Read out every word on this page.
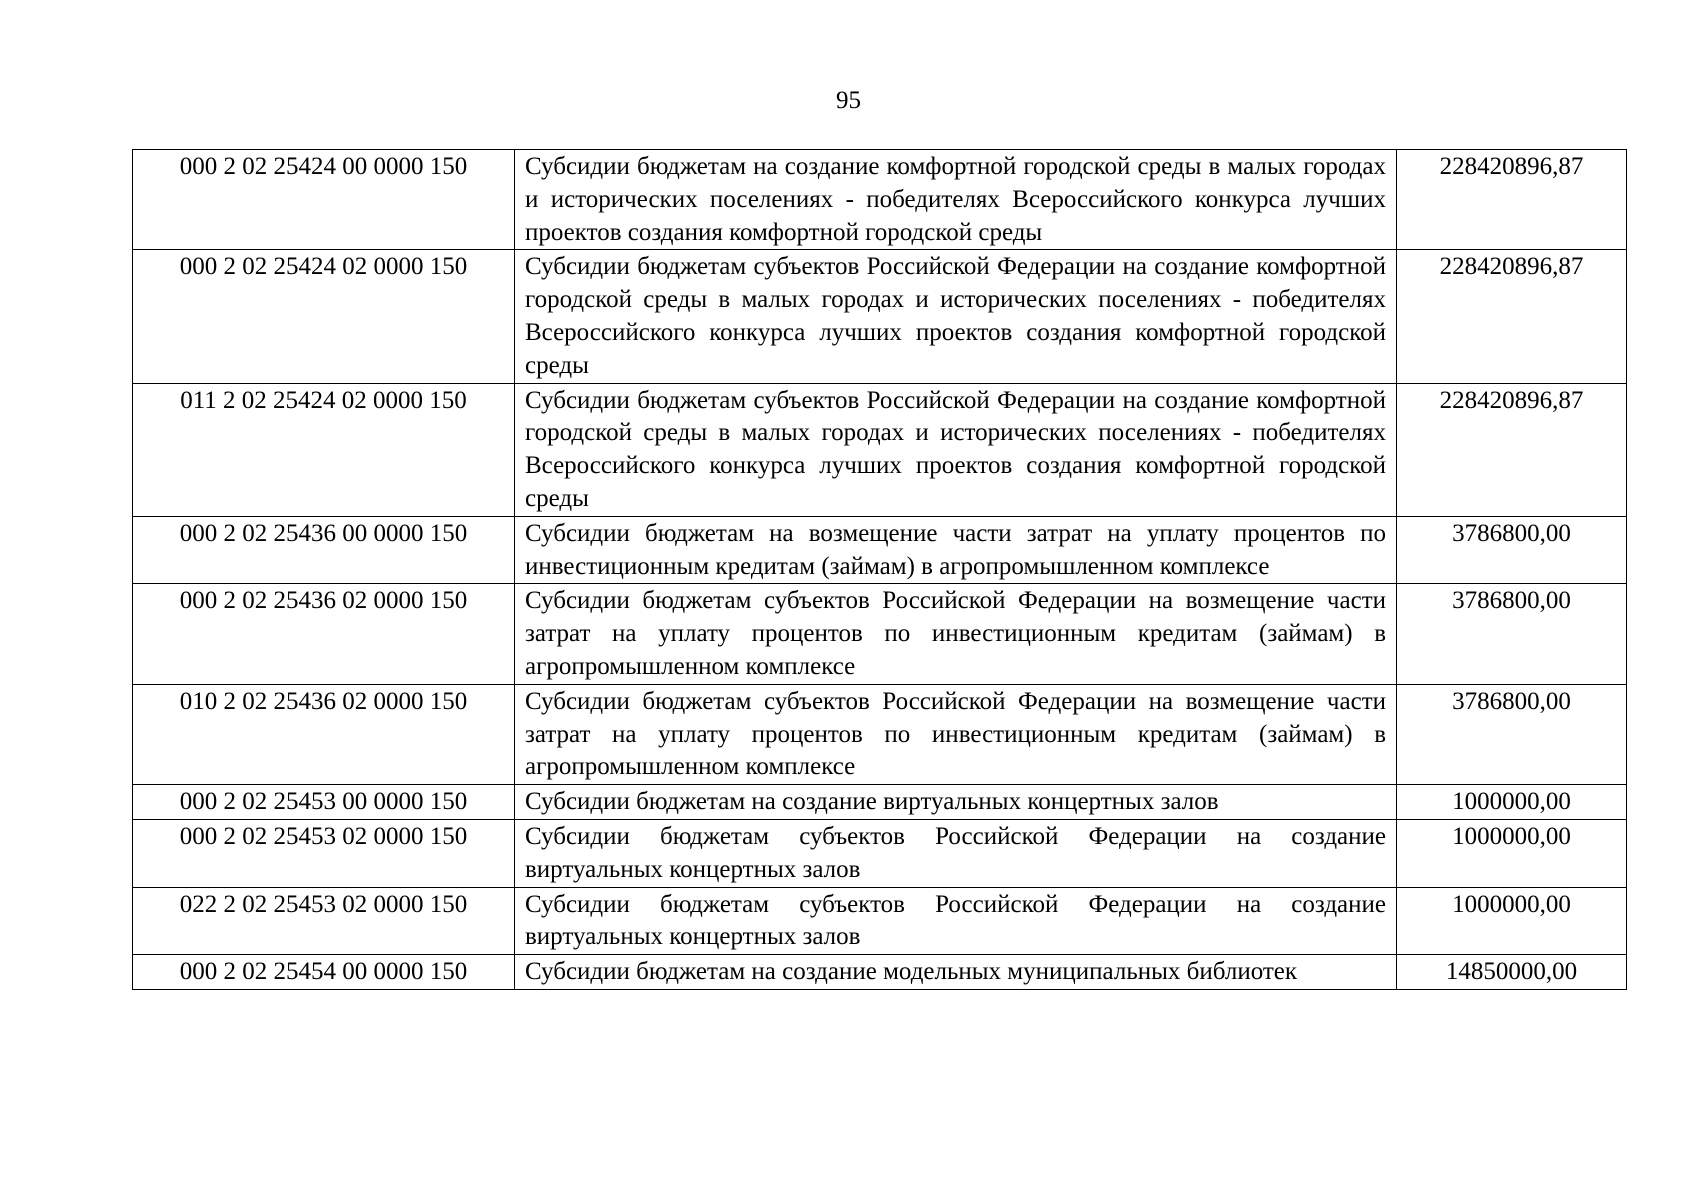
95
000 2 02 25424 00 0000 150	Субсидии бюджетам на создание комфортной городской среды в малых городах и исторических поселениях - победителях Всероссийского конкурса лучших проектов создания комфортной городской среды	228420896,87
000 2 02 25424 02 0000 150	Субсидии бюджетам субъектов Российской Федерации на создание комфортной городской среды в малых городах и исторических поселениях - победителях Всероссийского конкурса лучших проектов создания комфортной городской среды	228420896,87
011 2 02 25424 02 0000 150	Субсидии бюджетам субъектов Российской Федерации на создание комфортной городской среды в малых городах и исторических поселениях - победителях Всероссийского конкурса лучших проектов создания комфортной городской среды	228420896,87
000 2 02 25436 00 0000 150	Субсидии бюджетам на возмещение части затрат на уплату процентов по инвестиционным кредитам (займам) в агропромышленном комплексе	3786800,00
000 2 02 25436 02 0000 150	Субсидии бюджетам субъектов Российской Федерации на возмещение части затрат на уплату процентов по инвестиционным кредитам (займам) в агропромышленном комплексе	3786800,00
010 2 02 25436 02 0000 150	Субсидии бюджетам субъектов Российской Федерации на возмещение части затрат на уплату процентов по инвестиционным кредитам (займам) в агропромышленном комплексе	3786800,00
000 2 02 25453 00 0000 150	Субсидии бюджетам на создание виртуальных концертных залов	1000000,00
000 2 02 25453 02 0000 150	Субсидии бюджетам субъектов Российской Федерации на создание виртуальных концертных залов	1000000,00
022 2 02 25453 02 0000 150	Субсидии бюджетам субъектов Российской Федерации на создание виртуальных концертных залов	1000000,00
000 2 02 25454 00 0000 150	Субсидии бюджетам на создание модельных муниципальных библиотек	14850000,00
